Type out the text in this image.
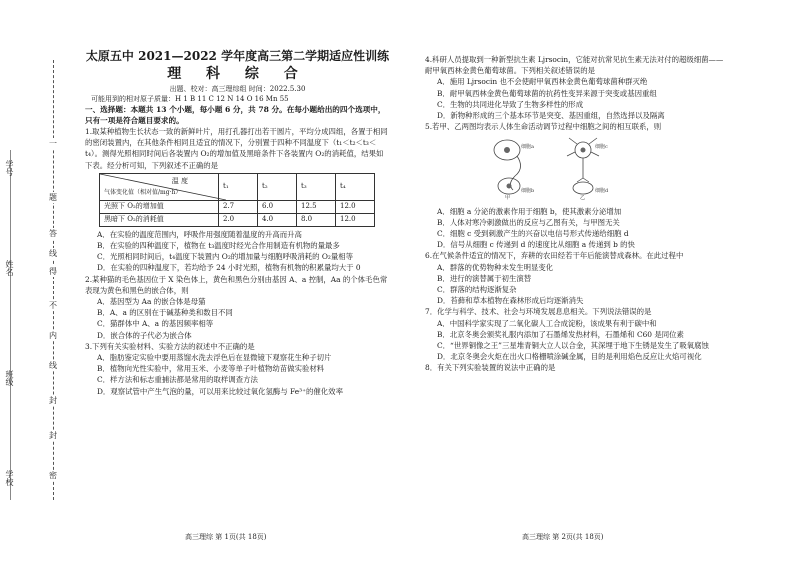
一
题
答
线
得
不
内
线
封
封
密
学号
姓名
班级
学校
太原五中 2021—2022 学年度高三第二学期适应性训练
理 科 综 合
出题、校对：高三理综组 时间：2022.5.30
可能用到的相对原子质量：H 1 B 11 C 12 N 14 O 16 Mn 55
一、选择题：本题共 13 个小题，每小题 6 分，共 78 分。在每小题给出的四个选项中，只有一项是符合题目要求的。

1.取某种植物生长状态一致的新鲜叶片，用打孔器打出若干圆片，平均分成四组，各置于相同的密闭装置内，在其他条件相同且适宜的情况下，分别置于四种不同温度下（t₁＜t₂＜t₃＜t₄）。测得光照相同时间后各装置内 O₂的增加值及黑暗条件下各装置内 O₂的消耗值，结果如下表。经分析可知，下列叙述不正确的是

温 度
气体变化值（相对值/mg·h）	t₁	t₂	t₃	t₄
光照下 O₂的增加值	2.7	6.0	12.5	12.0
黑暗下 O₂的消耗值	2.0	4.0	8.0	12.0

A．在实验的温度范围内，呼吸作用强度随着温度的升高而升高

B．在实验的四种温度下，植物在 t₃温度时经光合作用制造有机物的量最多

C．光照相同时间后，t₄温度下装置内 O₂的增加量与细胞呼吸消耗的 O₂量相等

D．在实验的四种温度下，若均给予 24 小时光照，植物有机物的积累量均大于 0

2.某种猫的毛色基因位于 X 染色体上，黄色和黑色分别由基因 A、a 控制，Aa 的个体毛色常表现为黄色和黑色的嵌合体，则

A．基因型为 Aa 的嵌合体是母猫

B．A、a 的区别在于碱基种类和数目不同

C．猫群体中 A、a 的基因频率相等

D．嵌合体的子代必为嵌合体

3.下列有关实验材料、实验方法的叙述中不正确的是

A．脂肪鉴定实验中要用蒸馏水洗去浮色后在显微镜下观察花生种子切片

B．植物向光性实验中，常用玉米、小麦等单子叶植物幼苗做实验材料

C．样方法和标志重捕法都是常用的取样调查方法

D．观察试管中产生气泡的量，可以用来比较过氧化氢酶与 Fe³⁺的催化效率

4.科研人员提取到一种新型抗生素 Ljrsocin，它能对抗常见抗生素无法对付的超级细菌——耐甲氧西林金黄色葡萄球菌。下列相关叙述错误的是

A．施用 Ljrsocin 也不会使耐甲氧西林金黄色葡萄球菌种群灭绝

B．耐甲氧西林金黄色葡萄球菌的抗药性变异来源于突变或基因重组

C．生物的共同进化导致了生物多样性的形成

D．新物种形成的三个基本环节是突变、基因重组，自然选择以及隔离

5.若甲、乙两图均表示人体生命活动调节过程中细胞之间的相互联系，则

细胞a
细胞b
甲
细胞c
细胞d
乙

A．细胞 a 分泌的激素作用于细胞 b，使其激素分泌增加

B．人体对寒冷刺激做出的反应与乙图有关，与甲图无关

C．细胞 c 受到刺激产生的兴奋以电信号形式传递给细胞 d

D．信号从细胞 c 传递到 d 的速度比从细胞 a 传递到 b 的快

6.在气候条件适宜的情况下，弃耕的农田经若干年后能演替成森林。在此过程中

A．群落的优势物种未发生明显变化

B．进行的演替属于初生演替

C．群落的结构逐渐复杂

D．苔藓和草本植物在森林形成后均逐渐消失

7．化学与科学、技术、社会与环境发展息息相关。下列说法错误的是

A．中国科学家实现了二氧化碳人工合成淀粉，该成果有利于碳中和

B．北京冬奥会颁奖礼服内添加了石墨烯发热材料，石墨烯和 C60 是同位素

C．“世界铜像之王”三星堆青铜大立人以合金，其深埋于地下生锈是发生了吸氧腐蚀

D．北京冬奥会火炬在出火口格栅喷涂碱金属，目的是利用焰色反应让火焰可视化

8．有关下列实验装置的说法中正确的是

高三理综 第 1页(共 18页)	高三理综 第 2页(共 18页)
